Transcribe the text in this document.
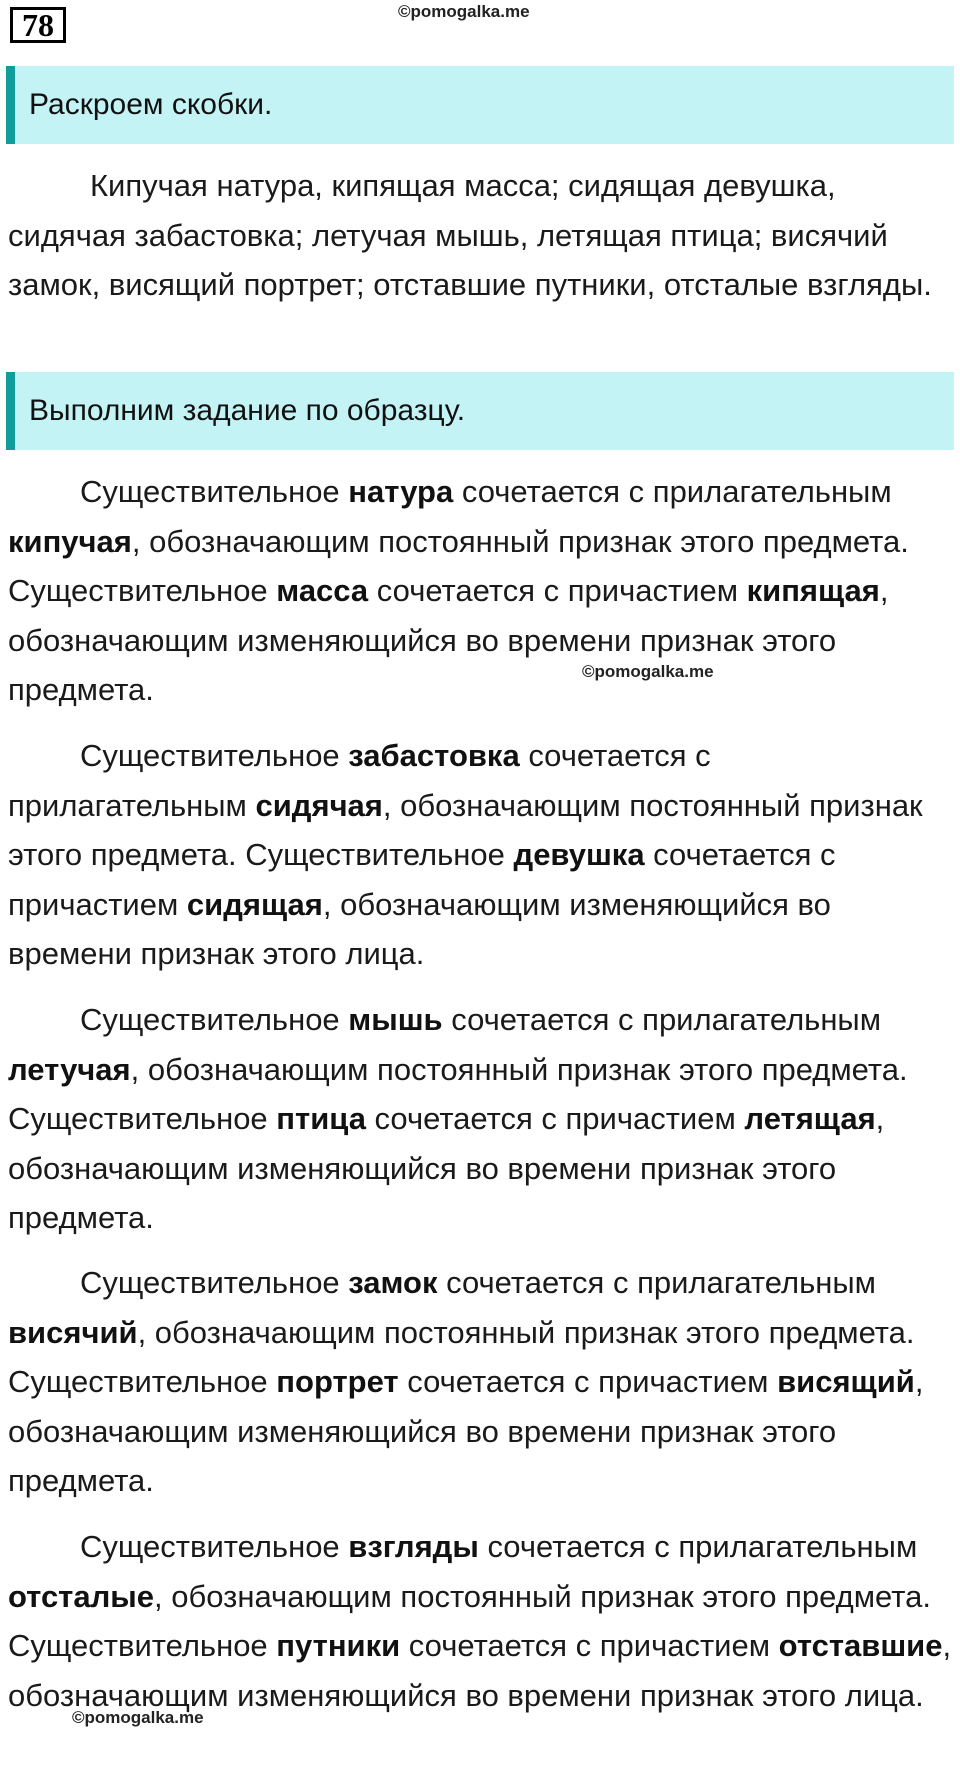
78	©pomogalka.me
Раскроем скобки.

Кипучая натура, кипящая масса; сидящая девушка, сидячая забастовка; летучая мышь, летящая птица; висячий замок, висящий портрет; отставшие путники, отсталые взгляды.

Выполним задание по образцу.

Существительное натура сочетается с прилагательным кипучая, обозначающим постоянный признак этого предмета. Существительное масса сочетается с причастием кипящая, обозначающим изменяющийся во времени признак этого предмета.

©pomogalka.me

Существительное забастовка сочетается с прилагательным сидячая, обозначающим постоянный признак этого предмета. Существительное девушка сочетается с причастием сидящая, обозначающим изменяющийся во времени признак этого лица.

Существительное мышь сочетается с прилагательным летучая, обозначающим постоянный признак этого предмета. Существительное птица сочетается с причастием летящая, обозначающим изменяющийся во времени признак этого предмета.

Существительное замок сочетается с прилагательным висячий, обозначающим постоянный признак этого предмета. Существительное портрет сочетается с причастием висящий, обозначающим изменяющийся во времени признак этого предмета.

Существительное взгляды сочетается с прилагательным отсталые, обозначающим постоянный признак этого предмета. Существительное путники сочетается с причастием отставшие, обозначающим изменяющийся во времени признак этого лица.

©pomogalka.me
